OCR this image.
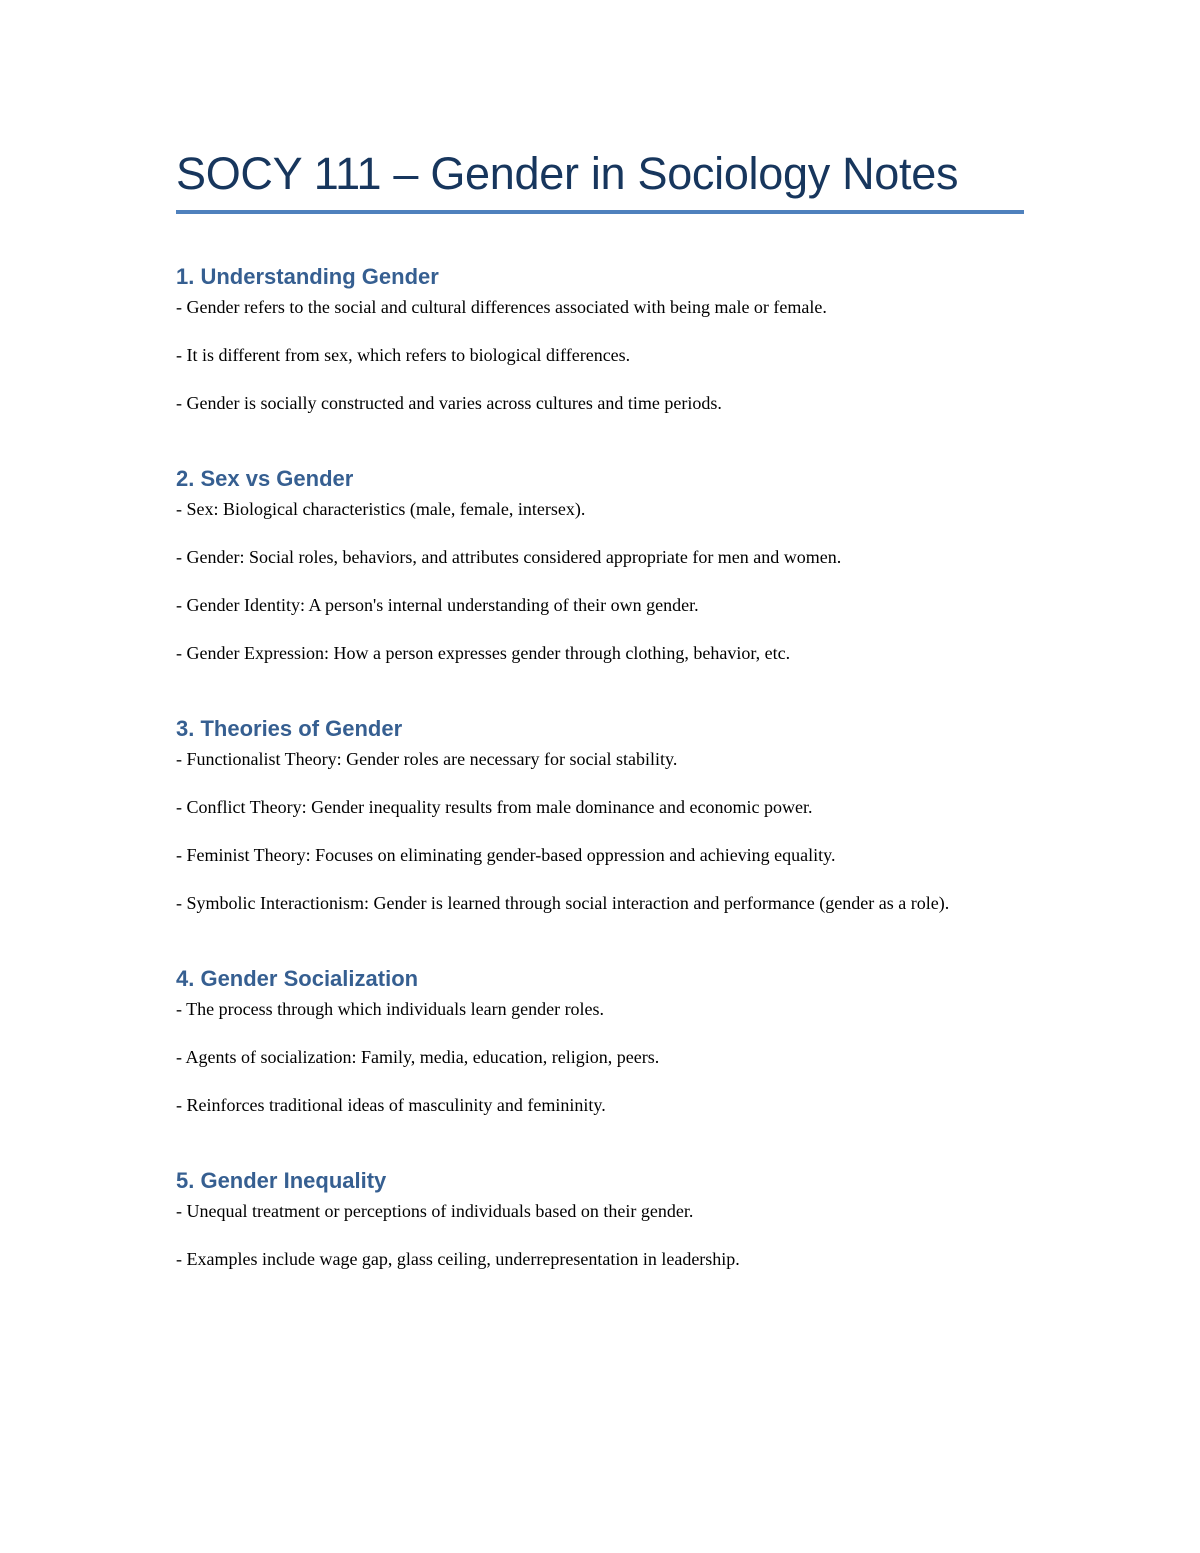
SOCY 111 – Gender in Sociology Notes
1. Understanding Gender

- Gender refers to the social and cultural differences associated with being male or female.

- It is different from sex, which refers to biological differences.

- Gender is socially constructed and varies across cultures and time periods.

2. Sex vs Gender

- Sex: Biological characteristics (male, female, intersex).

- Gender: Social roles, behaviors, and attributes considered appropriate for men and women.

- Gender Identity: A person's internal understanding of their own gender.

- Gender Expression: How a person expresses gender through clothing, behavior, etc.

3. Theories of Gender

- Functionalist Theory: Gender roles are necessary for social stability.

- Conflict Theory: Gender inequality results from male dominance and economic power.

- Feminist Theory: Focuses on eliminating gender-based oppression and achieving equality.

- Symbolic Interactionism: Gender is learned through social interaction and performance (gender as a role).

4. Gender Socialization

- The process through which individuals learn gender roles.

- Agents of socialization: Family, media, education, religion, peers.

- Reinforces traditional ideas of masculinity and femininity.

5. Gender Inequality

- Unequal treatment or perceptions of individuals based on their gender.

- Examples include wage gap, glass ceiling, underrepresentation in leadership.
